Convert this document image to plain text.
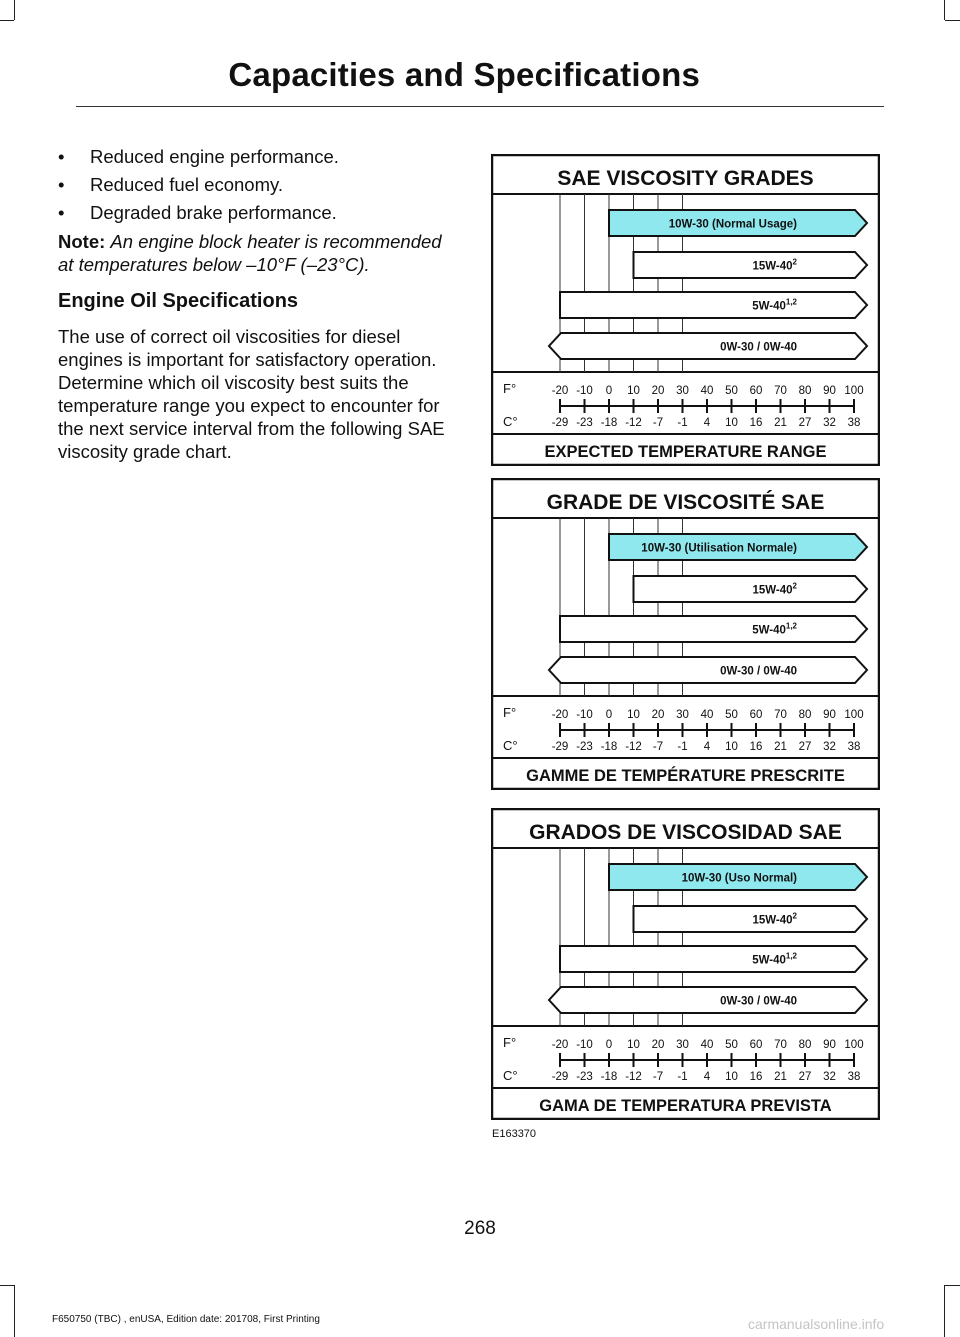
Capacities and Specifications
• Reduced engine performance.
• Reduced fuel economy.
• Degraded brake performance.

Note: An engine block heater is recommended at temperatures below –10°F (–23°C).

Engine Oil Specifications

The use of correct oil viscosities for diesel engines is important for satisfactory operation. Determine which oil viscosity best suits the temperature range you expect to encounter for the next service interval from the following SAE viscosity grade chart.

SAE VISCOSITY GRADES
EXPECTED TEMPERATURE RANGE
10W-30 (Normal Usage)
$15W-40^2$
5W-40$^{1,2}$
0W-30 / 0W-40
F°
C°
-20
-29
-10
-23
0
-18
10
-12
20
-7
30
-1
40
4
50
10
60
16
70
21
80
27
90
32
100
38
GRADE DE VISCOSITÉ SAE
GAMME DE TEMPÉRATURE PRESCRITE
10W-30 (Utilisation Normale)
$15W-40^2$
5W-40$^{1,2}$
0W-30 / 0W-40
F°
C°
-20
-29
-10
-23
0
-18
10
-12
20
-7
30
-1
40
4
50
10
60
16
70
21
80
27
90
32
100
38
GRADOS DE VISCOSIDAD SAE
GAMA DE TEMPERATURA PREVISTA
10W-30 (Uso Normal)
$15W-40^2$
5W-40$^{1,2}$
0W-30 / 0W-40
F°
C°
-20
-29
-10
-23
0
-18
10
-12
20
-7
30
-1
40
4
50
10
60
16
70
21
80
27
90
32
100
38
E163370
268
F650750 (TBC) , enUSA, Edition date: 201708, First Printing	carmanualsonline.info
